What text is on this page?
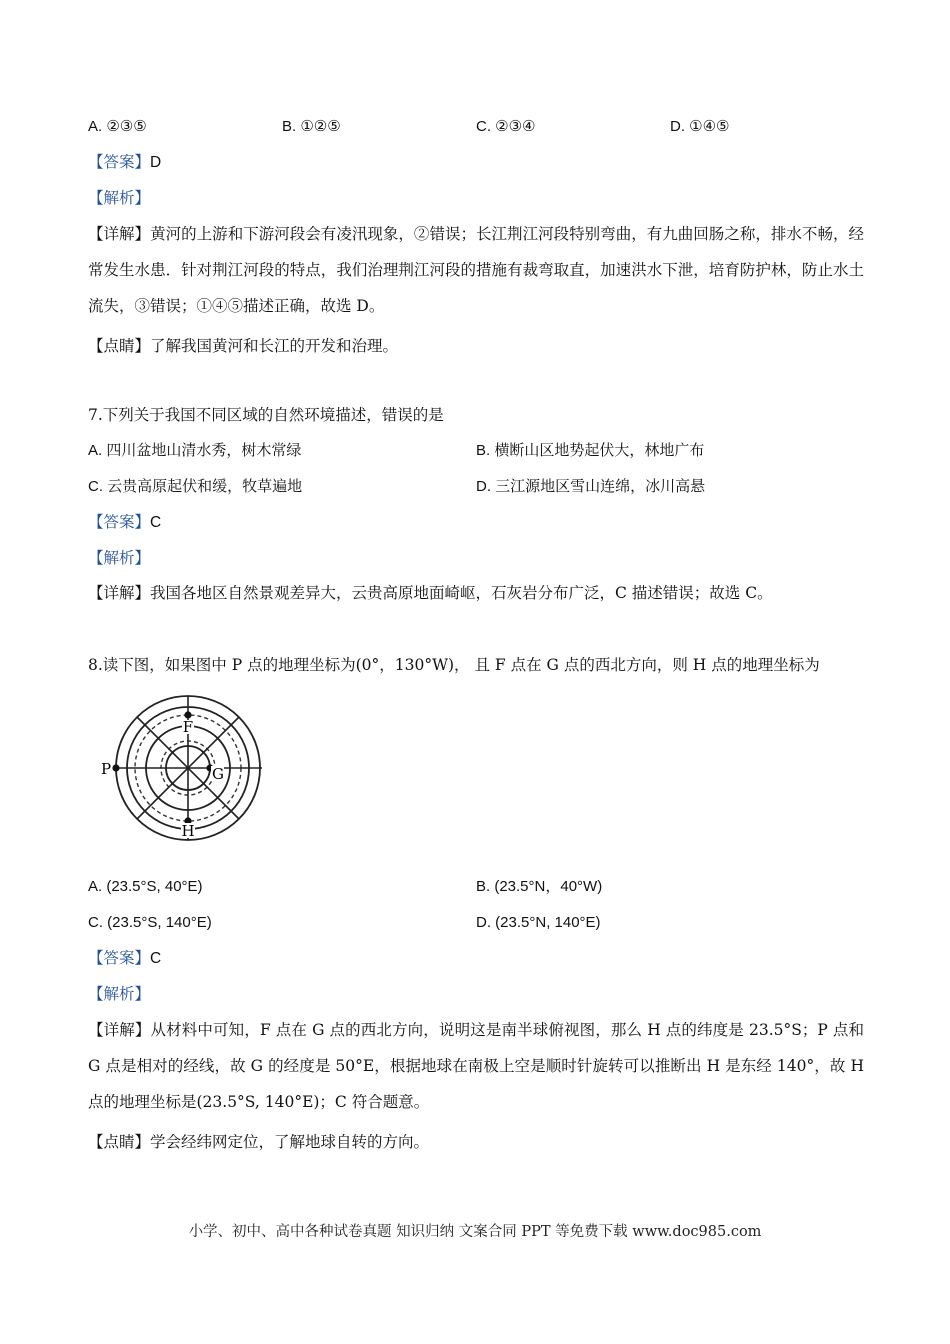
A. ②③⑤	B. ①②⑤	C. ②③④	D. ①④⑤
【答案】D
【解析】
【详解】黄河的上游和下游河段会有凌汛现象，②错误；长江荆江河段特别弯曲，有九曲回肠之称，排水不畅，经常发生水患．针对荆江河段的特点，我们治理荆江河段的措施有裁弯取直，加速洪水下泄，培育防护林，防止水土流失，③错误；①④⑤描述正确，故选 D。
【点睛】了解我国黄河和长江的开发和治理。
7.下列关于我国不同区域的自然环境描述，错误的是
A. 四川盆地山清水秀，树木常绿	B. 横断山区地势起伏大，林地广布
C. 云贵高原起伏和缓，牧草遍地	D. 三江源地区雪山连绵，冰川高悬
【答案】C
【解析】
【详解】我国各地区自然景观差异大，云贵高原地面崎岖，石灰岩分布广泛，C 描述错误；故选 C。
8.读下图，如果图中 P 点的地理坐标为(0°，130°W)， 且 F 点在 G 点的西北方向，则 H 点的地理坐标为
F
G
P
H
A. (23.5°S, 40°E)	B. (23.5°N，40°W)
C. (23.5°S, 140°E)	D. (23.5°N, 140°E)
【答案】C
【解析】
【详解】从材料中可知，F 点在 G 点的西北方向，说明这是南半球俯视图，那么 H 点的纬度是 23.5°S；P 点和 G 点是相对的经线，故 G 的经度是 50°E，根据地球在南极上空是顺时针旋转可以推断出 H 是东经 140°，故 H 点的地理坐标是(23.5°S, 140°E)；C 符合题意。
【点睛】学会经纬网定位，了解地球自转的方向。
小学、初中、高中各种试卷真题 知识归纳 文案合同 PPT 等免费下载 www.doc985.com
